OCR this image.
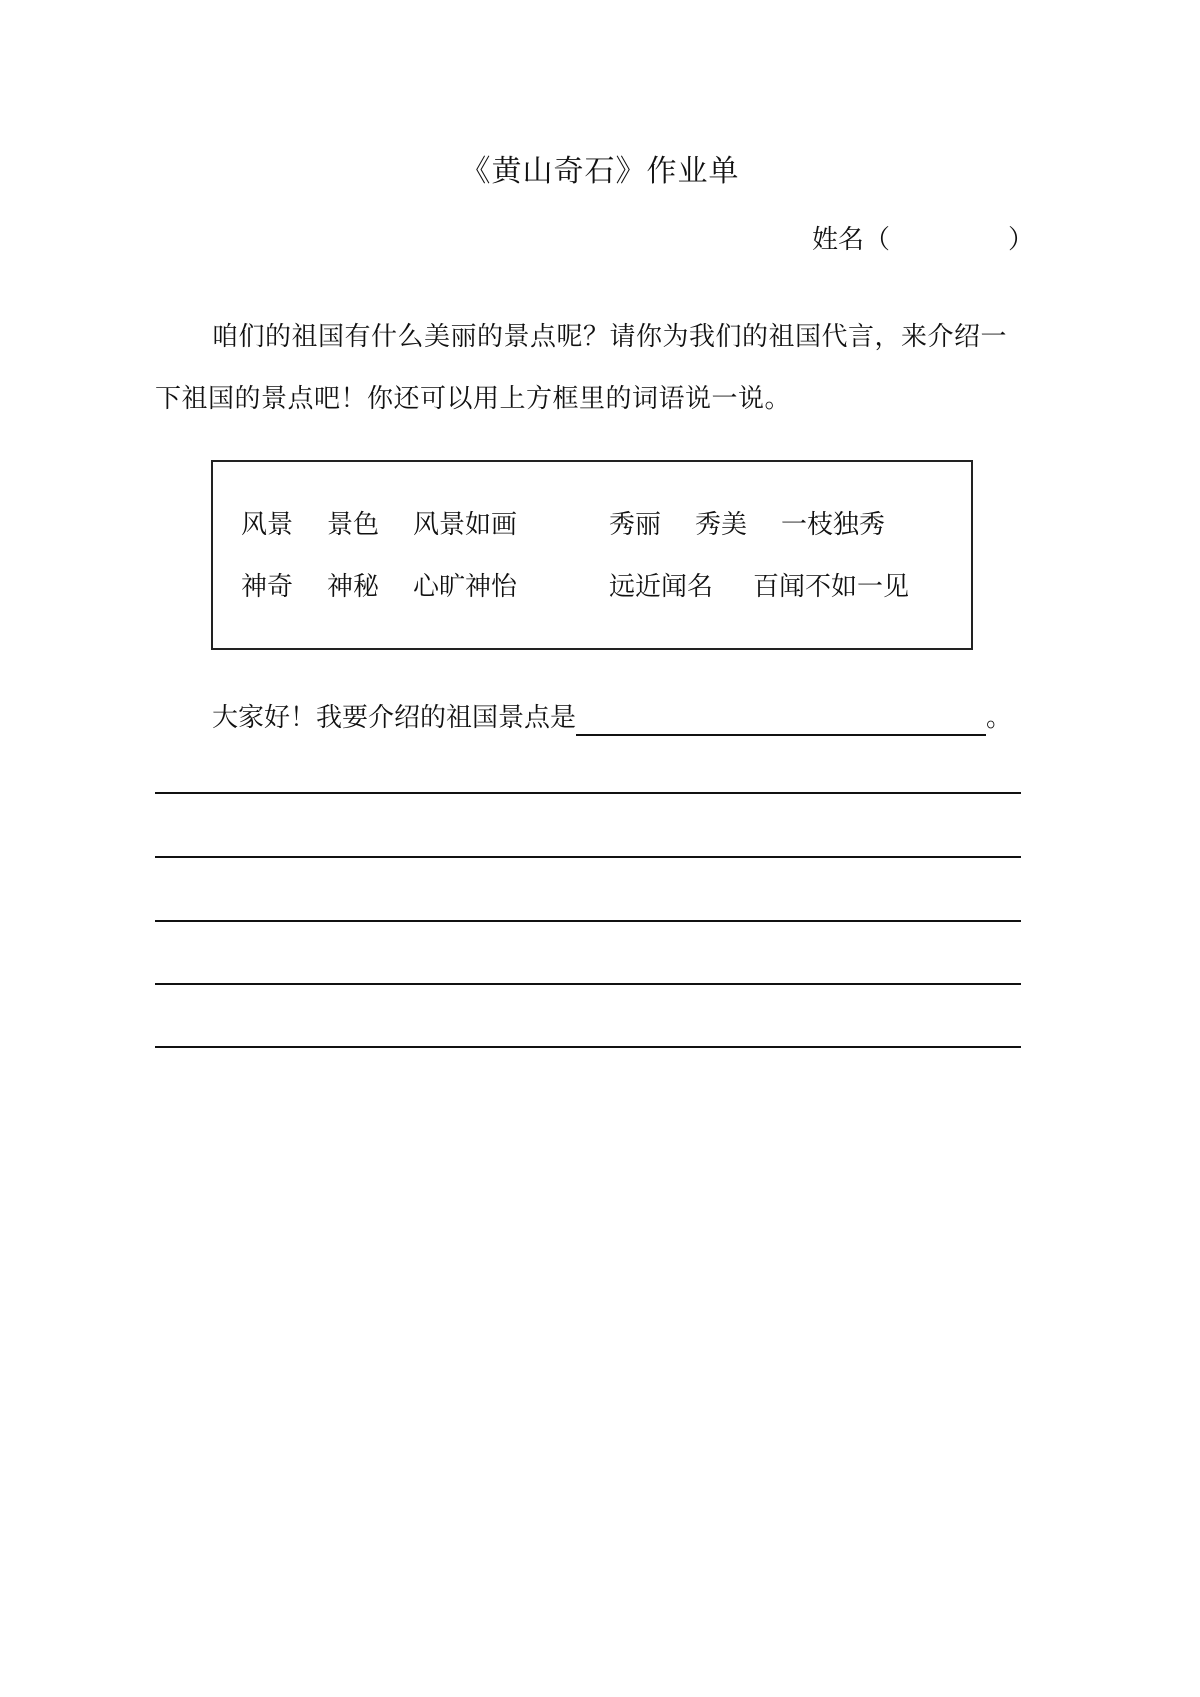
《黄山奇石》作业单
姓名（	）
咱们的祖国有什么美丽的景点呢？请你为我们的祖国代言，来介绍一
下祖国的景点吧！你还可以用上方框里的词语说一说。
风景 景色 风景如画	秀丽 秀美 一枝独秀
神奇 神秘 心旷神怡	远近闻名 百闻不如一见
大家好！我要介绍的祖国景点是	。
